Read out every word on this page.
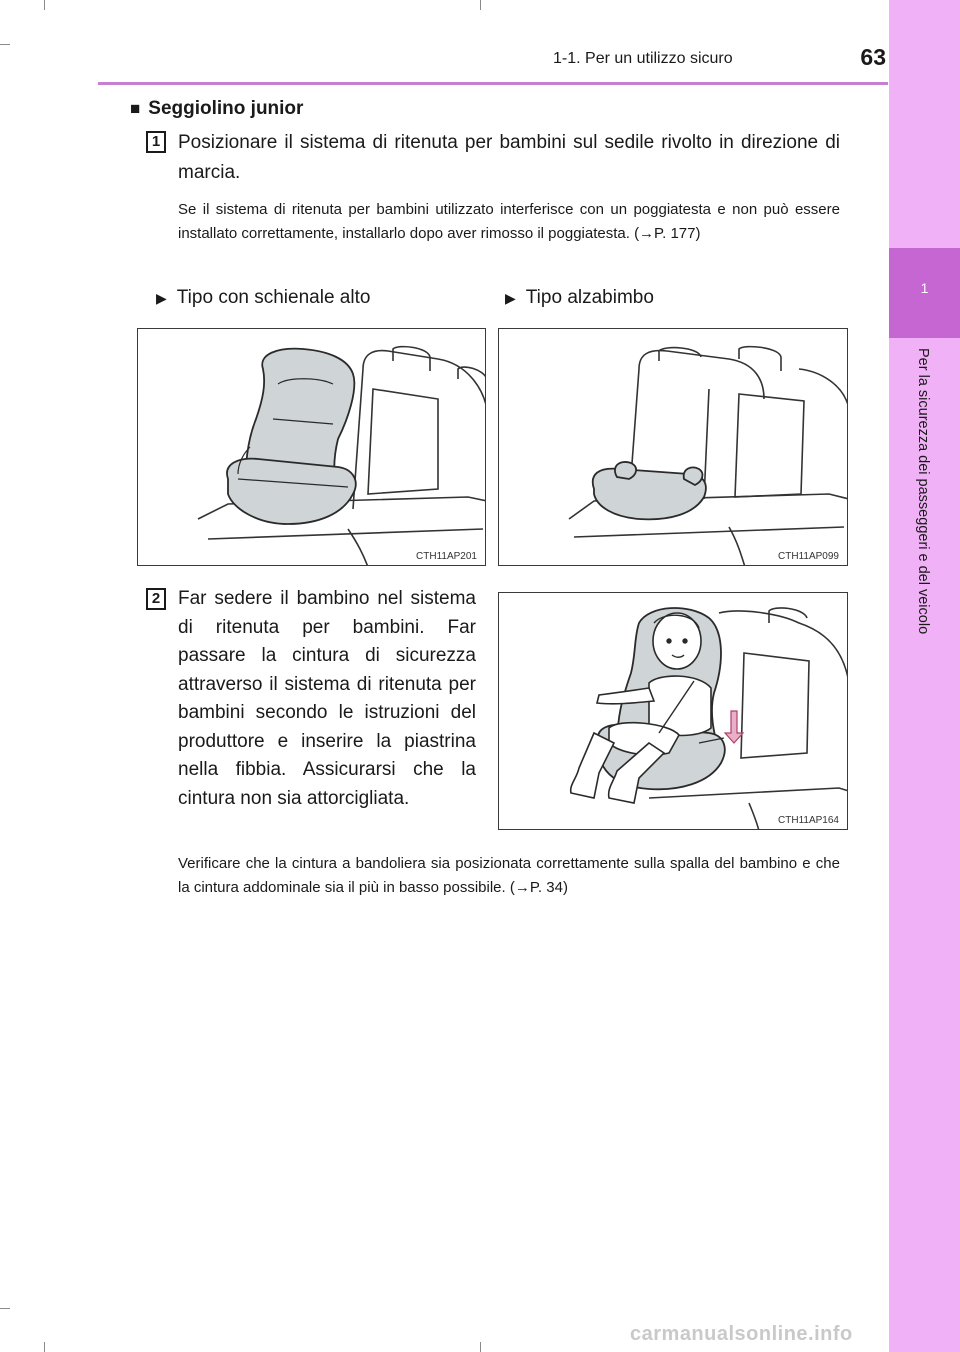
1
Per la sicurezza dei passeggeri e del veicolo
1-1. Per un utilizzo sicuro	63
■ Seggiolino junior
1 Posizionare il sistema di ritenuta per bambini sul sedile rivolto in direzione di marcia.
Se il sistema di ritenuta per bambini utilizzato interferisce con un poggiatesta e non può essere installato correttamente, installarlo dopo aver rimosso il poggiatesta. (→P. 177)
▶ Tipo con schienale alto	▶ Tipo alzabimbo
CTH11AP201	CTH11AP099
2 Far sedere il bambino nel sistema di ritenuta per bambini. Far passare la cintura di sicurezza attraverso il sistema di ritenuta per bambini secondo le istruzioni del produttore e inserire la piastrina nella fibbia. Assicurarsi che la cintura non sia attorcigliata.
CTH11AP164
Verificare che la cintura a bandoliera sia posizionata correttamente sulla spalla del bambino e che la cintura addominale sia il più in basso possibile. (→P. 34)
carmanualsonline.info
